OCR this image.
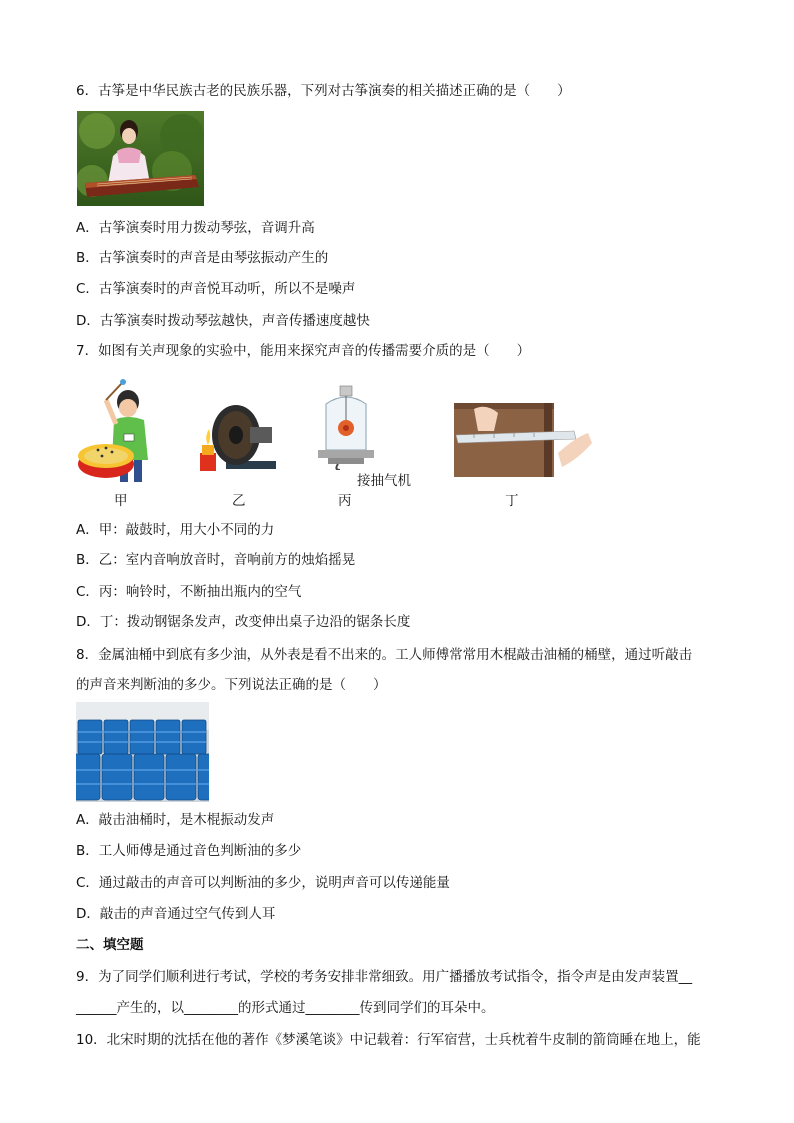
6．古筝是中华民族古老的民族乐器，下列对古筝演奏的相关描述正确的是（　　）
A．古筝演奏时用力拨动琴弦，音调升高
B．古筝演奏时的声音是由琴弦振动产生的
C．古筝演奏时的声音悦耳动听，所以不是噪声
D．古筝演奏时拨动琴弦越快，声音传播速度越快
7．如图有关声现象的实验中，能用来探究声音的传播需要介质的是（　　）
接抽气机
甲	乙	丙	丁
A．甲：敲鼓时，用大小不同的力
B．乙：室内音响放音时，音响前方的烛焰摇晃
C．丙：响铃时，不断抽出瓶内的空气
D．丁：拨动钢锯条发声，改变伸出桌子边沿的锯条长度
8．金属油桶中到底有多少油，从外表是看不出来的。工人师傅常常用木棍敲击油桶的桶壁，通过听敲击
的声音来判断油的多少。下列说法正确的是（　　）
A．敲击油桶时，是木棍振动发声
B．工人师傅是通过音色判断油的多少
C．通过敲击的声音可以判断油的多少，说明声音可以传递能量
D．敲击的声音通过空气传到人耳
二、填空题
9．为了同学们顺利进行考试，学校的考务安排非常细致。用广播播放考试指令，指令声是由发声装置__
______产生的，以________的形式通过________传到同学们的耳朵中。
10．北宋时期的沈括在他的著作《梦溪笔谈》中记载着：行军宿营，士兵枕着牛皮制的箭筒睡在地上，能
